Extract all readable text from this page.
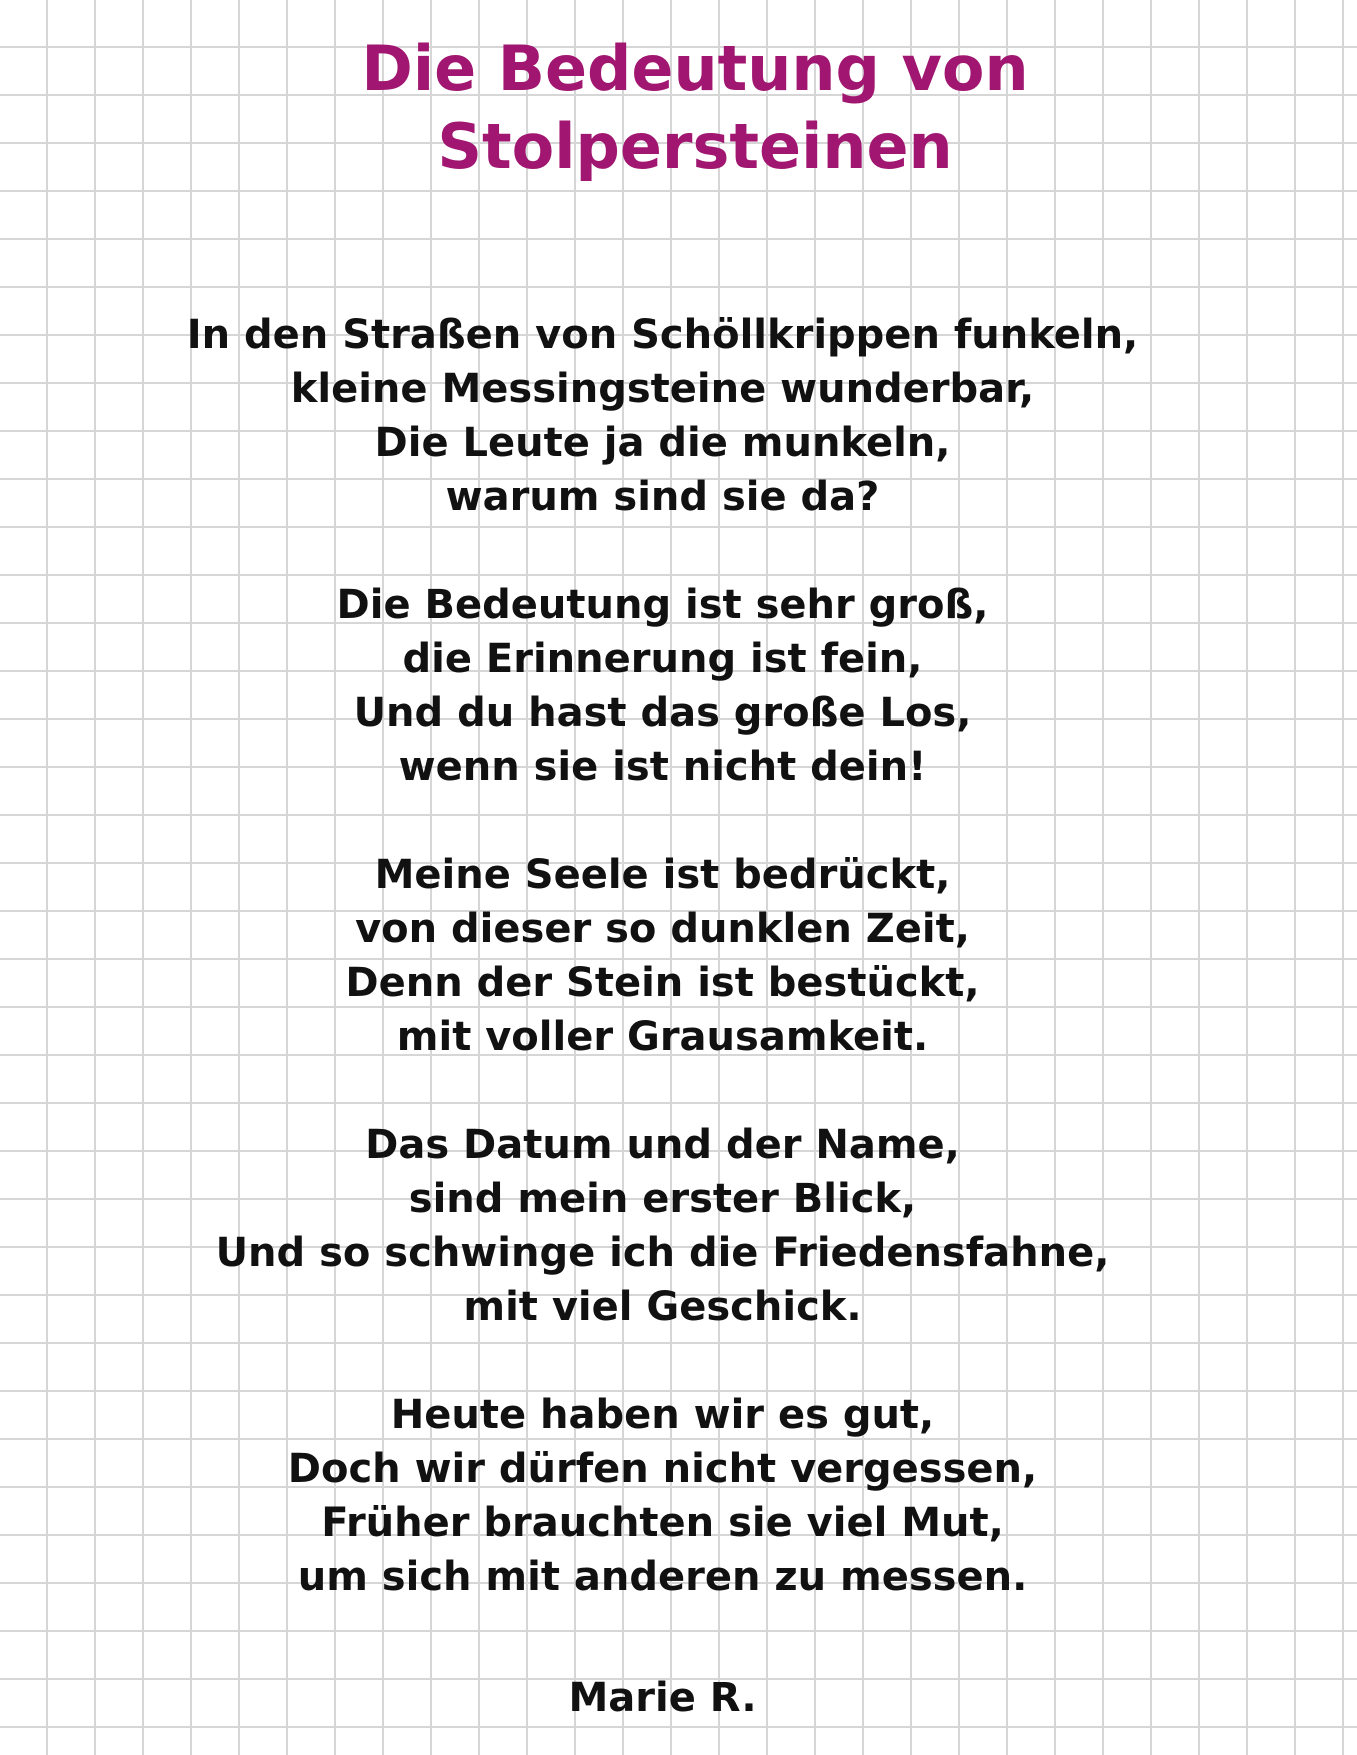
Die Bedeutung von
Stolpersteinen
In den Straßen von Schöllkrippen funkeln,
kleine Messingsteine wunderbar,
Die Leute ja die munkeln,
warum sind sie da?
Die Bedeutung ist sehr groß,
die Erinnerung ist fein,
Und du hast das große Los,
wenn sie ist nicht dein!
Meine Seele ist bedrückt,
von dieser so dunklen Zeit,
Denn der Stein ist bestückt,
mit voller Grausamkeit.
Das Datum und der Name,
sind mein erster Blick,
Und so schwinge ich die Friedensfahne,
mit viel Geschick.
Heute haben wir es gut,
Doch wir dürfen nicht vergessen,
Früher brauchten sie viel Mut,
um sich mit anderen zu messen.
Marie R.
